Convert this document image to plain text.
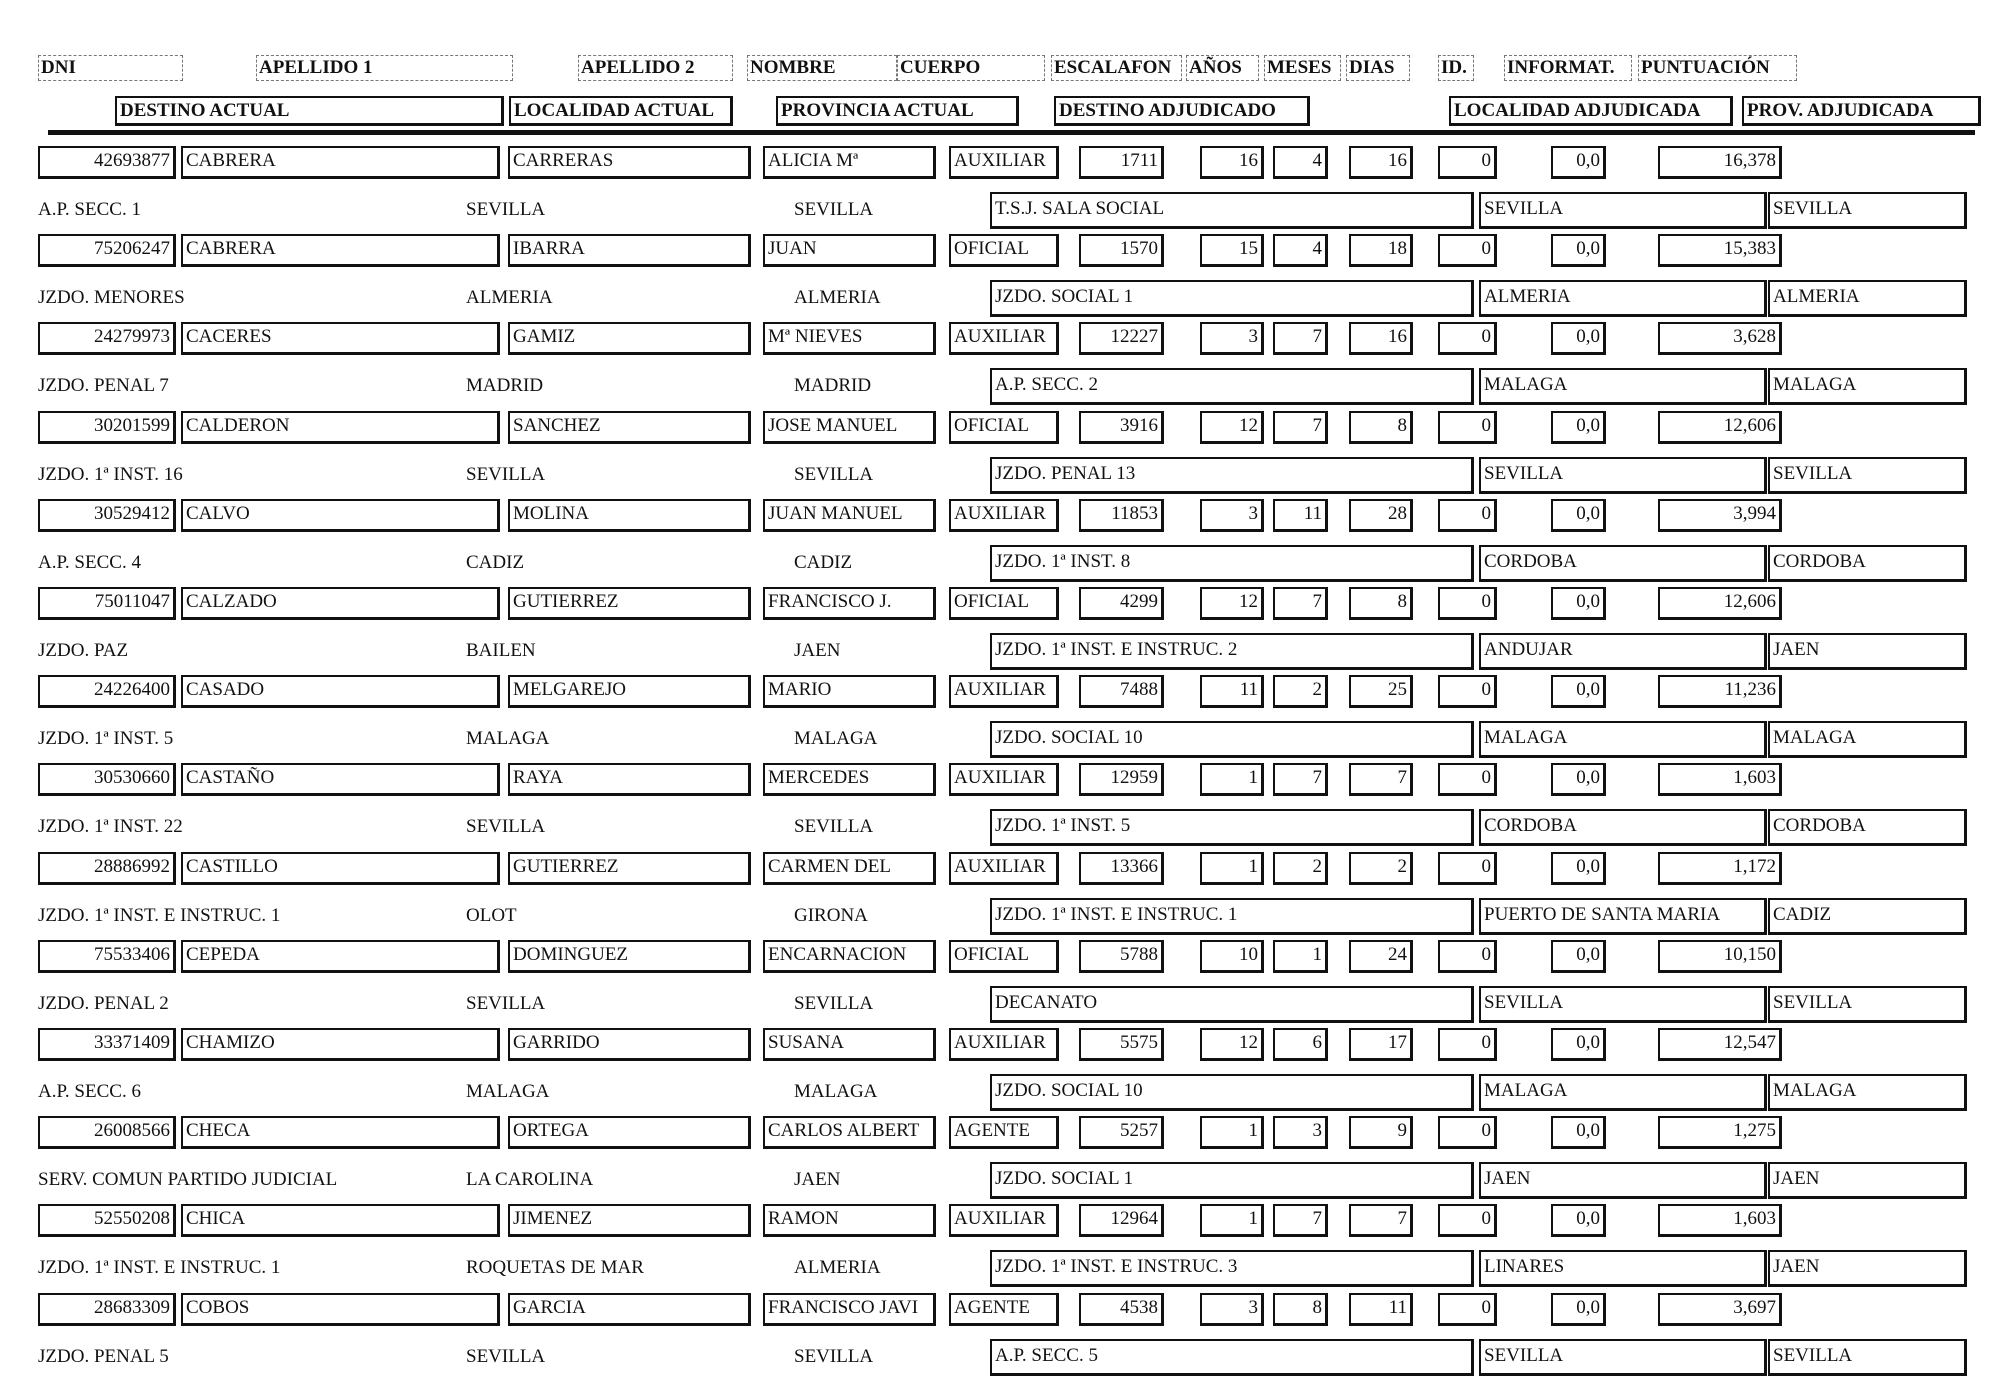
DNI	APELLIDO 1	APELLIDO 2	NOMBRE	CUERPO	ESCALAFON AÑOS	MESES DIAS	ID.	INFORMAT.	PUNTUACIÓN
DESTINO ACTUAL	LOCALIDAD ACTUAL	PROVINCIA ACTUAL	DESTINO ADJUDICADO	LOCALIDAD ADJUDICADA	PROV. ADJUDICADA
42693877 CABRERA	CARRERAS	ALICIA Mª	AUXILIAR	1711	16	4	16	0	0,0	16,378
A.P. SECC. 1	SEVILLA	SEVILLA	T.S.J. SALA SOCIAL	SEVILLA	SEVILLA
75206247 CABRERA	IBARRA	JUAN	OFICIAL	1570	15	4	18	0	0,0	15,383
JZDO. MENORES	ALMERIA	ALMERIA	JZDO. SOCIAL 1	ALMERIA	ALMERIA
24279973 CACERES	GAMIZ	Mª NIEVES	AUXILIAR	12227	3	7	16	0	0,0	3,628
JZDO. PENAL 7	MADRID	MADRID	A.P. SECC. 2	MALAGA	MALAGA
30201599 CALDERON	SANCHEZ	JOSE MANUEL	OFICIAL	3916	12	7	8	0	0,0	12,606
JZDO. 1ª INST. 16	SEVILLA	SEVILLA	JZDO. PENAL 13	SEVILLA	SEVILLA
30529412 CALVO	MOLINA	JUAN MANUEL	AUXILIAR	11853	3	11	28	0	0,0	3,994
A.P. SECC. 4	CADIZ	CADIZ	JZDO. 1ª INST. 8	CORDOBA	CORDOBA
75011047 CALZADO	GUTIERREZ	FRANCISCO J.	OFICIAL	4299	12	7	8	0	0,0	12,606
JZDO. PAZ	BAILEN	JAEN	JZDO. 1ª INST. E INSTRUC. 2	ANDUJAR	JAEN
24226400 CASADO	MELGAREJO	MARIO	AUXILIAR	7488	11	2	25	0	0,0	11,236
JZDO. 1ª INST. 5	MALAGA	MALAGA	JZDO. SOCIAL 10	MALAGA	MALAGA
30530660 CASTAÑO	RAYA	MERCEDES	AUXILIAR	12959	1	7	7	0	0,0	1,603
JZDO. 1ª INST. 22	SEVILLA	SEVILLA	JZDO. 1ª INST. 5	CORDOBA	CORDOBA
28886992 CASTILLO	GUTIERREZ	CARMEN DEL	AUXILIAR	13366	1	2	2	0	0,0	1,172
JZDO. 1ª INST. E INSTRUC. 1	OLOT	GIRONA	JZDO. 1ª INST. E INSTRUC. 1	PUERTO DE SANTA MARIA	CADIZ
75533406 CEPEDA	DOMINGUEZ	ENCARNACION	OFICIAL	5788	10	1	24	0	0,0	10,150
JZDO. PENAL 2	SEVILLA	SEVILLA	DECANATO	SEVILLA	SEVILLA
33371409 CHAMIZO	GARRIDO	SUSANA	AUXILIAR	5575	12	6	17	0	0,0	12,547
A.P. SECC. 6	MALAGA	MALAGA	JZDO. SOCIAL 10	MALAGA	MALAGA
26008566 CHECA	ORTEGA	CARLOS ALBERT	AGENTE	5257	1	3	9	0	0,0	1,275
SERV. COMUN PARTIDO JUDICIAL	LA CAROLINA	JAEN	JZDO. SOCIAL 1	JAEN	JAEN
52550208 CHICA	JIMENEZ	RAMON	AUXILIAR	12964	1	7	7	0	0,0	1,603
JZDO. 1ª INST. E INSTRUC. 1	ROQUETAS DE MAR	ALMERIA	JZDO. 1ª INST. E INSTRUC. 3	LINARES	JAEN
28683309 COBOS	GARCIA	FRANCISCO JAVI	AGENTE	4538	3	8	11	0	0,0	3,697
JZDO. PENAL 5	SEVILLA	SEVILLA	A.P. SECC. 5	SEVILLA	SEVILLA
